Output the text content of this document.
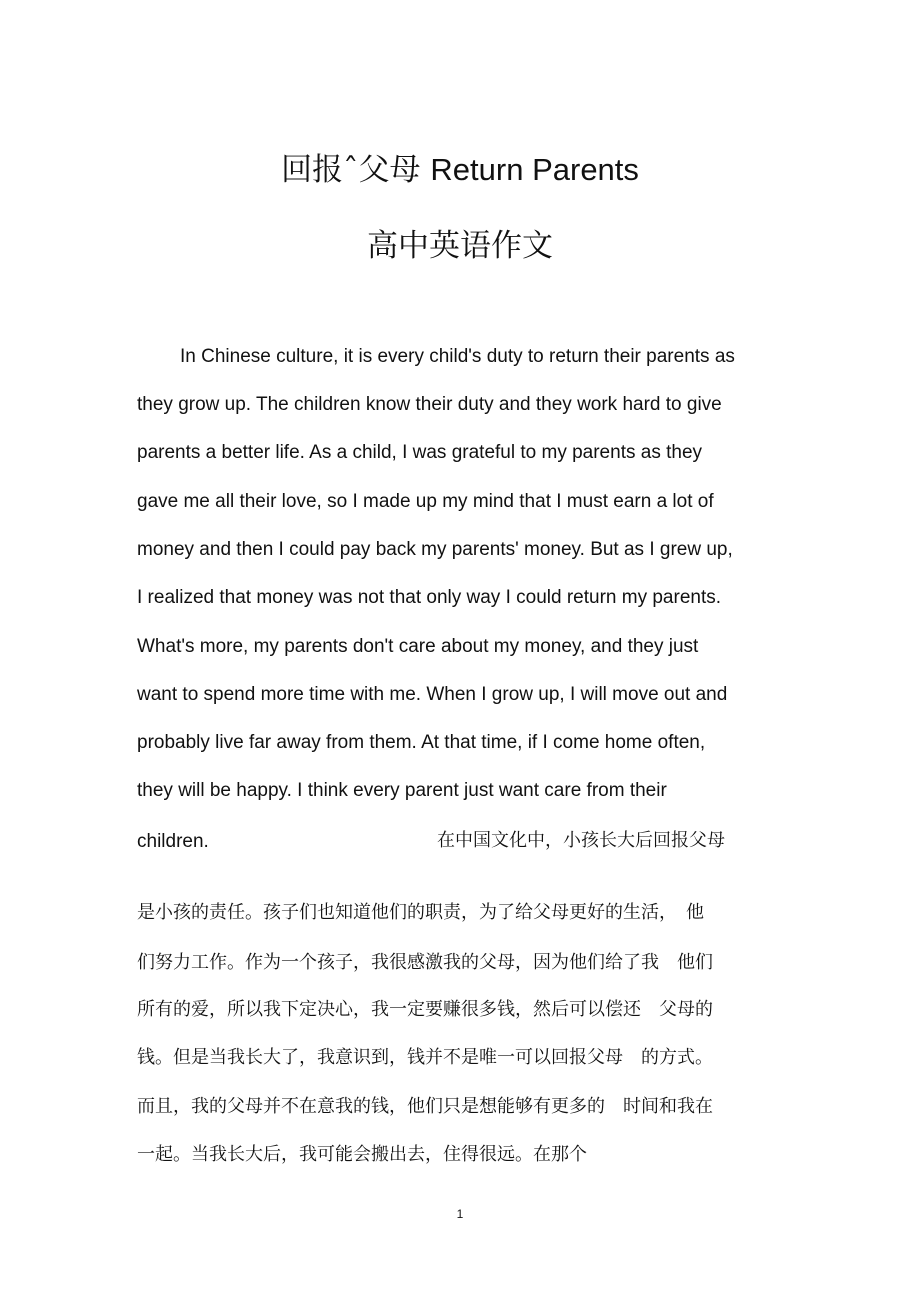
回报ˆ父母 Return Parents
高中英语作文
In Chinese culture, it is every child's duty to return their parents as
they grow up. The children know their duty and they work hard to give
parents a better life. As a child, I was grateful to my parents as they
gave me all their love, so I made up my mind that I must earn a lot of
money and then I could pay back my parents' money. But as I grew up,
I realized that money was not that only way I could return my parents.
What's more, my parents don't care about my money, and they just
want to spend more time with me. When I grow up, I will move out and
probably live far away from them. At that time, if I come home often,
they will be happy. I think every parent just want care from their
children.	在中国文化中，小孩长大后回报父母
是小孩的责任。孩子们也知道他们的职责，为了给父母更好的生活，　他
们努力工作。作为一个孩子，我很感激我的父母，因为他们给了我　他们
所有的爱，所以我下定决心，我一定要赚很多钱，然后可以偿还　父母的
钱。但是当我长大了，我意识到，钱并不是唯一可以回报父母　的方式。
而且，我的父母并不在意我的钱，他们只是想能够有更多的　时间和我在
一起。当我长大后，我可能会搬出去，住得很远。在那个
1
